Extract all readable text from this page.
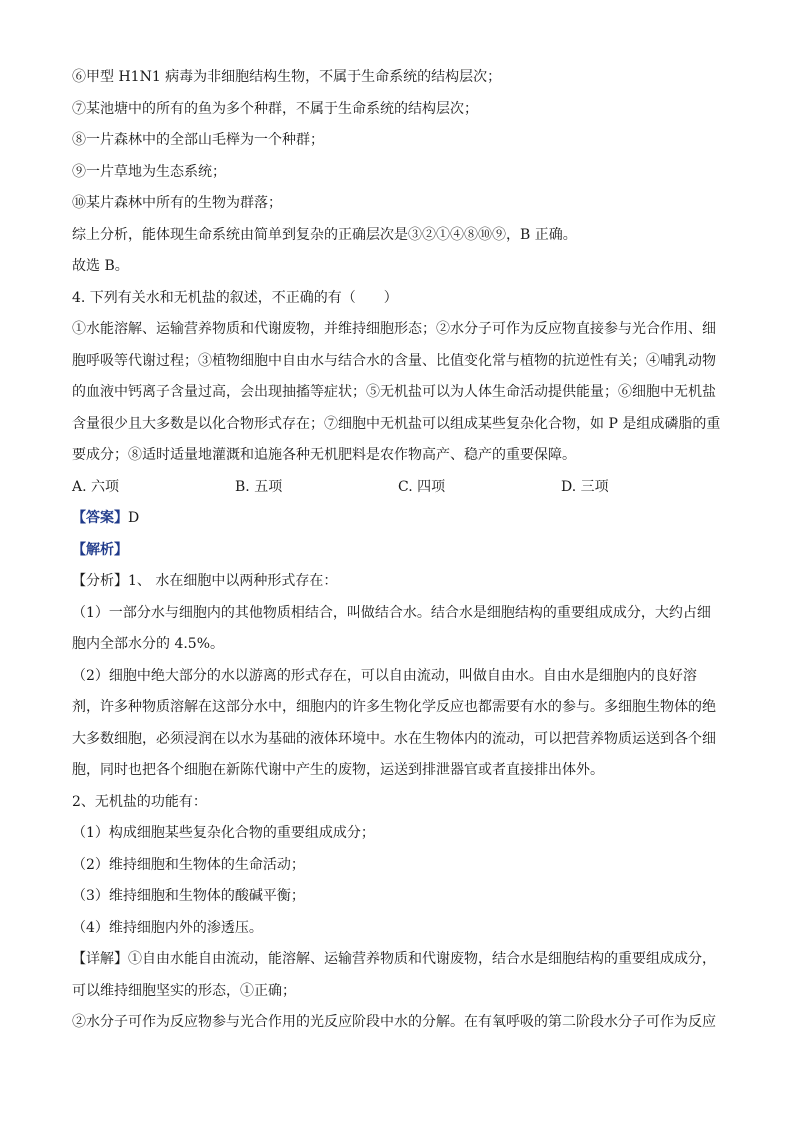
⑥甲型 H1N1 病毒为非细胞结构生物，不属于生命系统的结构层次；
⑦某池塘中的所有的鱼为多个种群，不属于生命系统的结构层次；
⑧一片森林中的全部山毛榉为一个种群；
⑨一片草地为生态系统；
⑩某片森林中所有的生物为群落；
综上分析，能体现生命系统由简单到复杂的正确层次是③②①④⑧⑩⑨，B 正确。
故选 B。
4. 下列有关水和无机盐的叙述，不正确的有（　　）
①水能溶解、运输营养物质和代谢废物，并维持细胞形态；②水分子可作为反应物直接参与光合作用、细
胞呼吸等代谢过程；③植物细胞中自由水与结合水的含量、比值变化常与植物的抗逆性有关；④哺乳动物
的血液中钙离子含量过高，会出现抽搐等症状；⑤无机盐可以为人体生命活动提供能量；⑥细胞中无机盐
含量很少且大多数是以化合物形式存在；⑦细胞中无机盐可以组成某些复杂化合物，如 P 是组成磷脂的重
要成分；⑧适时适量地灌溉和追施各种无机肥料是农作物高产、稳产的重要保障。
A. 六项	B. 五项	C. 四项	D. 三项
【答案】D
【解析】
【分析】1、 水在细胞中以两种形式存在：
（1）一部分水与细胞内的其他物质相结合，叫做结合水。结合水是细胞结构的重要组成成分，大约占细
胞内全部水分的 4.5%。
（2）细胞中绝大部分的水以游离的形式存在，可以自由流动，叫做自由水。自由水是细胞内的良好溶
剂，许多种物质溶解在这部分水中，细胞内的许多生物化学反应也都需要有水的参与。多细胞生物体的绝
大多数细胞，必须浸润在以水为基础的液体环境中。水在生物体内的流动，可以把营养物质运送到各个细
胞，同时也把各个细胞在新陈代谢中产生的废物，运送到排泄器官或者直接排出体外。
2、无机盐的功能有：
（1）构成细胞某些复杂化合物的重要组成成分；
（2）维持细胞和生物体的生命活动；
（3）维持细胞和生物体的酸碱平衡；
（4）维持细胞内外的渗透压。
【详解】①自由水能自由流动，能溶解、运输营养物质和代谢废物，结合水是细胞结构的重要组成成分，
可以维持细胞坚实的形态，①正确；
②水分子可作为反应物参与光合作用的光反应阶段中水的分解。在有氧呼吸的第二阶段水分子可作为反应
